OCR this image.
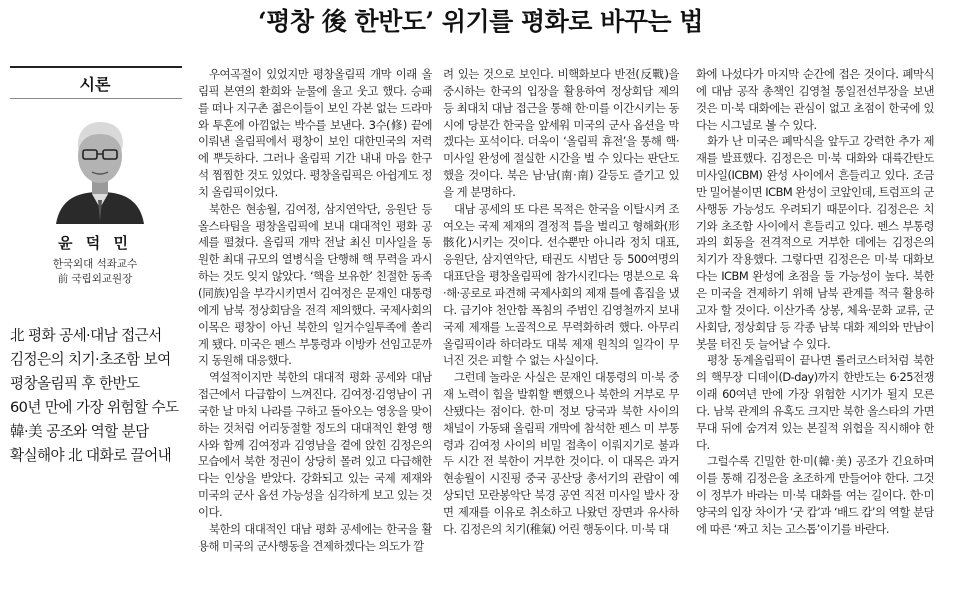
‘평창 後 한반도’ 위기를 평화로 바꾸는 법
시론
윤 덕 민
한국외대 석좌교수
前 국립외교원장
北 평화 공세·대남 접근서
김정은의 치기·초조함 보여
평창올림픽 후 한반도
60년 만에 가장 위험할 수도
韓·美 공조와 역할 분담
확실해야 北 대화로 끌어내

우여곡절이 있었지만 평창올림픽 개막 이래 올림픽 본연의 환희와 눈물에 울고 웃고 했다. 승패를 떠나 지구촌 젊은이들이 보인 각본 없는 드라마와 투혼에 아낌없는 박수를 보낸다. 3수(修) 끝에 이뤄낸 올림픽에서 평창이 보인 대한민국의 저력에 뿌듯하다. 그러나 올림픽 기간 내내 마음 한구석 찜찜한 것도 있었다. 평창올림픽은 아쉽게도 정치 올림픽이었다.

북한은 현송월, 김여정, 삼지연악단, 응원단 등 올스타팀을 평창올림픽에 보내 대대적인 평화 공세를 펼쳤다. 올림픽 개막 전날 최신 미사일을 동원한 최대 규모의 열병식을 단행해 핵 무력을 과시하는 것도 잊지 않았다. ‘핵을 보유한’ 친절한 동족(同族)임을 부각시키면서 김여정은 문재인 대통령에게 남북 정상회담을 전격 제의했다. 국제사회의 이목은 평창이 아닌 북한의 일거수일투족에 쏠리게 됐다. 미국은 펜스 부통령과 이방카 선임고문까지 동원해 대응했다.

역설적이지만 북한의 대대적 평화 공세와 대남 접근에서 다급함이 느껴진다. 김여정·김영남이 귀국한 날 마치 나라를 구하고 돌아오는 영웅을 맞이하는 것처럼 어리둥절할 정도의 대대적인 환영 행사와 함께 김여정과 김영남을 곁에 앉힌 김정은의 모습에서 북한 정권이 상당히 몰려 있고 다급해한다는 인상을 받았다. 강화되고 있는 국제 제재와 미국의 군사 옵션 가능성을 심각하게 보고 있는 것이다.

북한의 대대적인 대남 평화 공세에는 한국을 활용해 미국의 군사행동을 견제하겠다는 의도가 깔

려 있는 것으로 보인다. 비핵화보다 반전(反戰)을 중시하는 한국의 입장을 활용하여 정상회담 제의 등 최대치 대남 접근을 통해 한·미를 이간시키는 동시에 당분간 한국을 앞세워 미국의 군사 옵션을 막겠다는 포석이다. 더욱이 ‘올림픽 휴전’을 통해 핵·미사일 완성에 절실한 시간을 벌 수 있다는 판단도 했을 것이다. 북은 남·남(南·南) 갈등도 즐기고 있을 게 분명하다.

대남 공세의 또 다른 목적은 한국을 이탈시켜 조여오는 국제 제재의 결정적 틈을 벌리고 형해화(形骸化)시키는 것이다. 선수뿐만 아니라 정치 대표, 응원단, 삼지연악단, 태권도 시범단 등 500여명의 대표단을 평창올림픽에 참가시킨다는 명분으로 육·해·공로로 파견해 국제사회의 제재 틀에 흠집을 냈다. 급기야 천안함 폭침의 주범인 김영철까지 보내 국제 제재를 노골적으로 무력화하려 했다. 아무리 올림픽이라 하더라도 대북 제재 원칙의 일각이 무너진 것은 피할 수 없는 사실이다.

그런데 놀라운 사실은 문재인 대통령의 미·북 중재 노력이 힘을 발휘할 뻔했으나 북한의 거부로 무산됐다는 점이다. 한·미 정보 당국과 북한 사이의 채널이 가동돼 올림픽 개막에 참석한 펜스 미 부통령과 김여정 사이의 비밀 접촉이 이뤄지기로 불과 두 시간 전 북한이 거부한 것이다. 이 대목은 과거 현송월이 시진핑 중국 공산당 총서기의 관람이 예상되던 모란봉악단 북경 공연 직전 미사일 발사 장면 제재를 이유로 취소하고 나왔던 장면과 유사하다. 김정은의 치기(稚氣) 어린 행동이다. 미·북 대

화에 나섰다가 마지막 순간에 접은 것이다. 폐막식에 대남 공작 총책인 김영철 통일전선부장을 보낸 것은 미·북 대화에는 관심이 없고 초점이 한국에 있다는 시그널로 볼 수 있다.

화가 난 미국은 폐막식을 앞두고 강력한 추가 제재를 발표했다. 김정은은 미·북 대화와 대륙간탄도미사일(ICBM) 완성 사이에서 흔들리고 있다. 조금만 밀어붙이면 ICBM 완성이 코앞인데, 트럼프의 군사행동 가능성도 우려되기 때문이다. 김정은은 치기와 초조함 사이에서 흔들리고 있다. 펜스 부통령과의 회동을 전격적으로 거부한 데에는 김정은의 치기가 작용했다. 그렇다면 김정은은 미·북 대화보다는 ICBM 완성에 초점을 둘 가능성이 높다. 북한은 미국을 견제하기 위해 남북 관계를 적극 활용하고자 할 것이다. 이산가족 상봉, 체육·문화 교류, 군사회담, 정상회담 등 각종 남북 대화 제의와 만남이 봇물 터진 듯 늘어날 수 있다.

평창 동계올림픽이 끝나면 롤러코스터처럼 북한의 핵무장 디데이(D-day)까지 한반도는 6·25전쟁 이래 60여년 만에 가장 위험한 시기가 될지 모른다. 남북 관계의 유혹도 크지만 북한 올스타의 가면 무대 뒤에 숨겨져 있는 본질적 위협을 직시해야 한다.

그럴수록 긴밀한 한·미(韓·美) 공조가 긴요하며 이를 통해 김정은을 초조하게 만들어야 한다. 그것이 정부가 바라는 미·북 대화를 여는 길이다. 한·미 양국의 입장 차이가 ‘굿 캅’과 ‘배드 캅’의 역할 분담에 따른 ‘짜고 치는 고스톱’이기를 바란다.
